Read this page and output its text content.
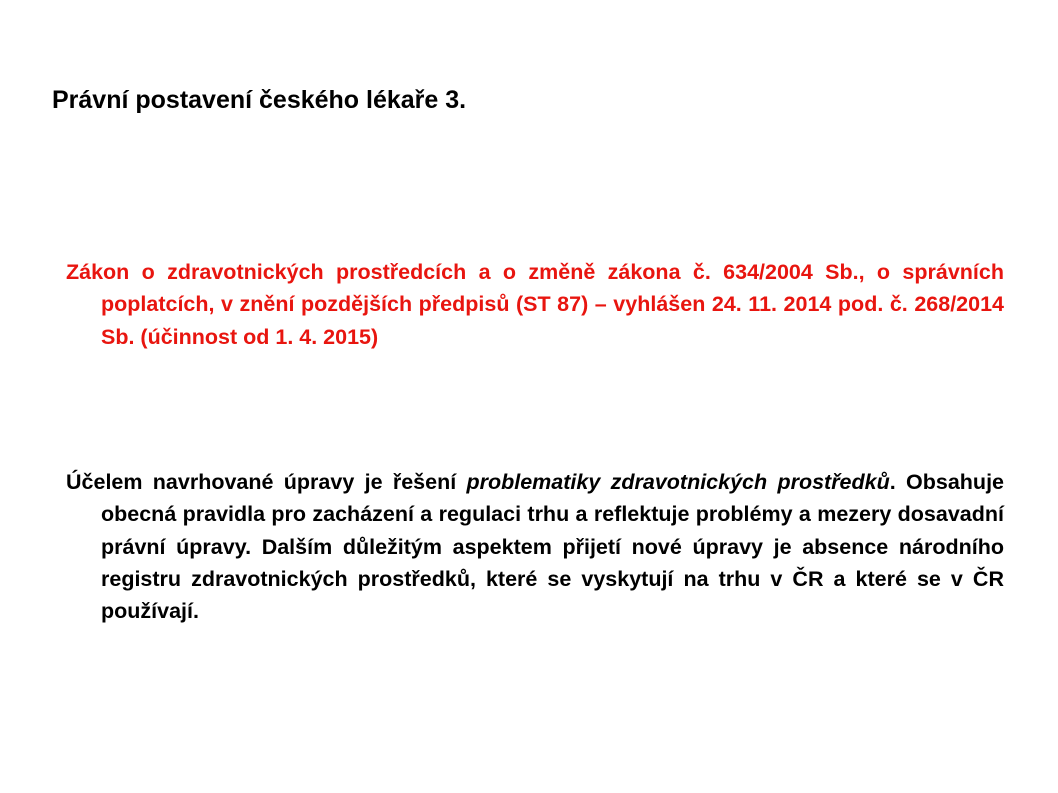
Právní postavení českého lékaře 3.

Zákon o zdravotnických prostředcích a o změně zákona č. 634/2004 Sb., o správních poplatcích, v znění pozdějších předpisů (ST 87) – vyhlášen 24. 11. 2014 pod. č. 268/2014 Sb. (účinnost od 1. 4. 2015)

Účelem navrhované úpravy je řešení problematiky zdravotnických prostředků. Obsahuje obecná pravidla pro zacházení a regulaci trhu a reflektuje problémy a mezery dosavadní právní úpravy. Dalším důležitým aspektem přijetí nové úpravy je absence národního registru zdravotnických prostředků, které se vyskytují na trhu v ČR a které se v ČR používají.
